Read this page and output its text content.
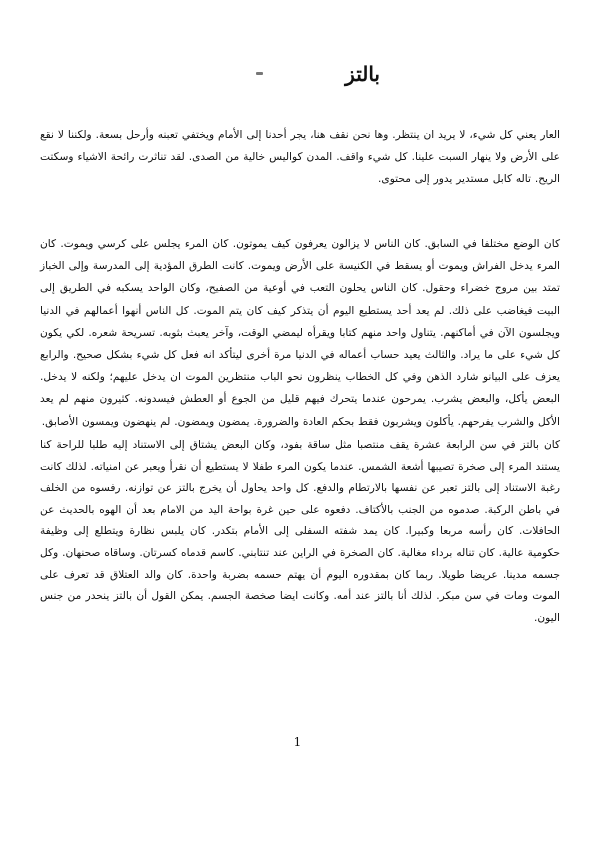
بالتز

العار يعني كل شيء، لا يريد ان ينتظر. وها نحن نقف هنا، يجر أحدنا إلى الأمام ويختفي تعبنه وأرحل بسعة. ولكننا لا نقع على الأرض ولا ينهار السبت علينا. كل شيء واقف. المدن كواليس خالية من الصدى. لقد تناثرت رائحة الاشياء وسكتت الريح. تاله كابل مستدير يدور إلى محتوى.

كان الوضع مختلفا في السابق. كان الناس لا يزالون يعرفون كيف يموتون. كان المرء يجلس على كرسي ويموت. كان المرء يدخل الفراش ويموت أو يسقط في الكنيسة على الأرض ويموت. كانت الطرق المؤدية إلى المدرسة وإلى الخباز تمتد بين مروج خضراء وحقول. كان الناس يحلون التعب في أوعية من الصفيح، وكان الواحد يسكبه في الطريق إلى البيت فيغاضب على ذلك. لم يعد أحد يستطيع اليوم أن يتذكر كيف كان يتم الموت. كل الناس أنهوا أعمالهم في الدنيا ويجلسون الآن في أماكنهم. يتناول واحد منهم كتابا ويقرأه ليمضي الوقت، وآخر يعبث بثوبه. تسريحة شعره. لكي يكون كل شيء على ما يراد. والثالث يعيد حساب أعماله في الدنيا مرة أخرى ليتأكد انه فعل كل شيء بشكل صحيح. والرابع يعزف على البيانو شارد الذهن وفي كل الخطاب ينظرون نحو الباب منتظرين الموت ان يدخل عليهم؛ ولكنه لا يدخل. البعض يأكل، والبعض يشرب. يمرحون عندما يتحرك فيهم قليل من الجوع أو العطش فيسدونه. كثيرون منهم لم يعد الأكل والشرب يفرحهم. يأكلون ويشربون فقط بحكم العادة والضرورة. يمضون ويمضون. لم ينهضون ويمسون الأصابق.

كان بالتز في سن الرابعة عشرة يقف منتصبا مثل ساقة بفود، وكان البعض يشتاق إلى الاستناد إليه طلبا للراحة كنا يستند المرء إلى صخرة تصيبها أشعة الشمس. عندما يكون المرء طفلا لا يستطيع أن نقرأ ويعبر عن امنياته. لذلك كانت رغبة الاستناد إلى بالتز تعبر عن نفسها بالارتطام والدفع. كل واحد يحاول أن يخرج بالتز عن توازنه. رفسوه من الخلف في باطن الركبة. صدموه من الجنب بالأكتاف. دفعوه على حين غرة بواحة اليد من الامام بعد أن الهوه بالحديث عن الحافلات. كان رأسه مربعا وكبيرا. كان يمد شفته السفلى إلى الأمام بتكدر. كان يلبس نظارة ويتطلع إلى وظيفة حكومية عالية. كان تناله برداء مغالية. كان الصخرة في الراين عند تنتابني. كاسم قدماه كسرتان. وساقاه صحنهان. وكل جسمه مدينا. عريضا طويلا. ربما كان بمقدوره اليوم أن يهتم حسمه بضربة واحدة. كان والد العتلاق قد تعرف على الموت ومات في سن مبكر. لذلك أنا بالتز عند أمه. وكانت ايضا صخصة الجسم. يمكن القول أن بالتز ينحدر من جنس اليون.

1
